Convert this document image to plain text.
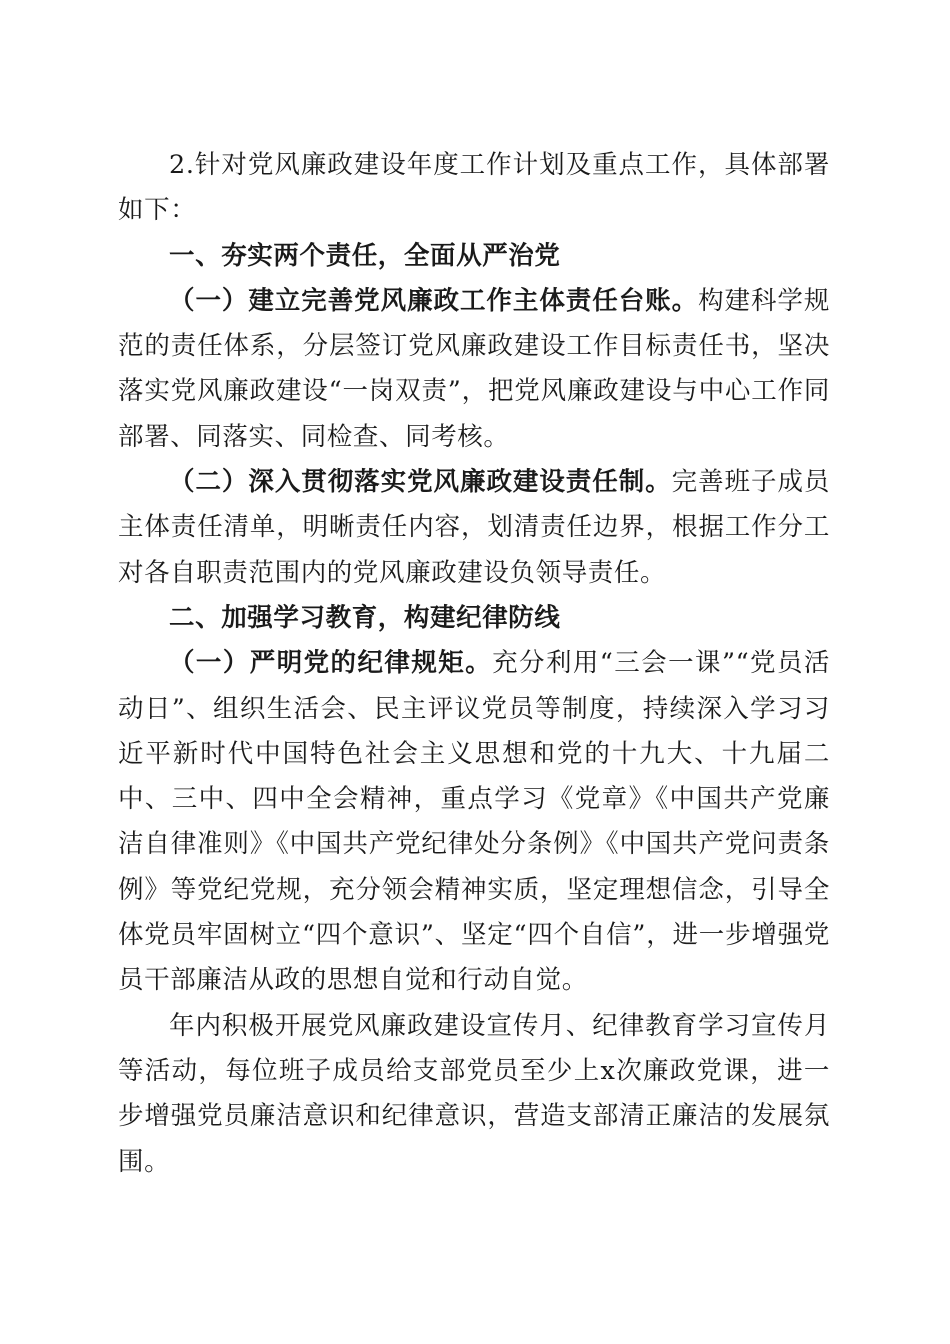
2.针对党风廉政建设年度工作计划及重点工作，具体部署如下：

一、夯实两个责任，全面从严治党

（一）建立完善党风廉政工作主体责任台账。构建科学规范的责任体系，分层签订党风廉政建设工作目标责任书，坚决落实党风廉政建设“一岗双责”，把党风廉政建设与中心工作同部署、同落实、同检查、同考核。

（二）深入贯彻落实党风廉政建设责任制。完善班子成员主体责任清单，明晰责任内容，划清责任边界，根据工作分工对各自职责范围内的党风廉政建设负领导责任。

二、加强学习教育，构建纪律防线

（一）严明党的纪律规矩。充分利用“三会一课”“党员活动日”、组织生活会、民主评议党员等制度，持续深入学习习近平新时代中国特色社会主义思想和党的十九大、十九届二中、三中、四中全会精神，重点学习《党章》《中国共产党廉洁自律准则》《中国共产党纪律处分条例》《中国共产党问责条例》等党纪党规，充分领会精神实质，坚定理想信念，引导全体党员牢固树立“四个意识”、坚定“四个自信”，进一步增强党员干部廉洁从政的思想自觉和行动自觉。

年内积极开展党风廉政建设宣传月、纪律教育学习宣传月等活动，每位班子成员给支部党员至少上x次廉政党课，进一步增强党员廉洁意识和纪律意识，营造支部清正廉洁的发展氛围。
